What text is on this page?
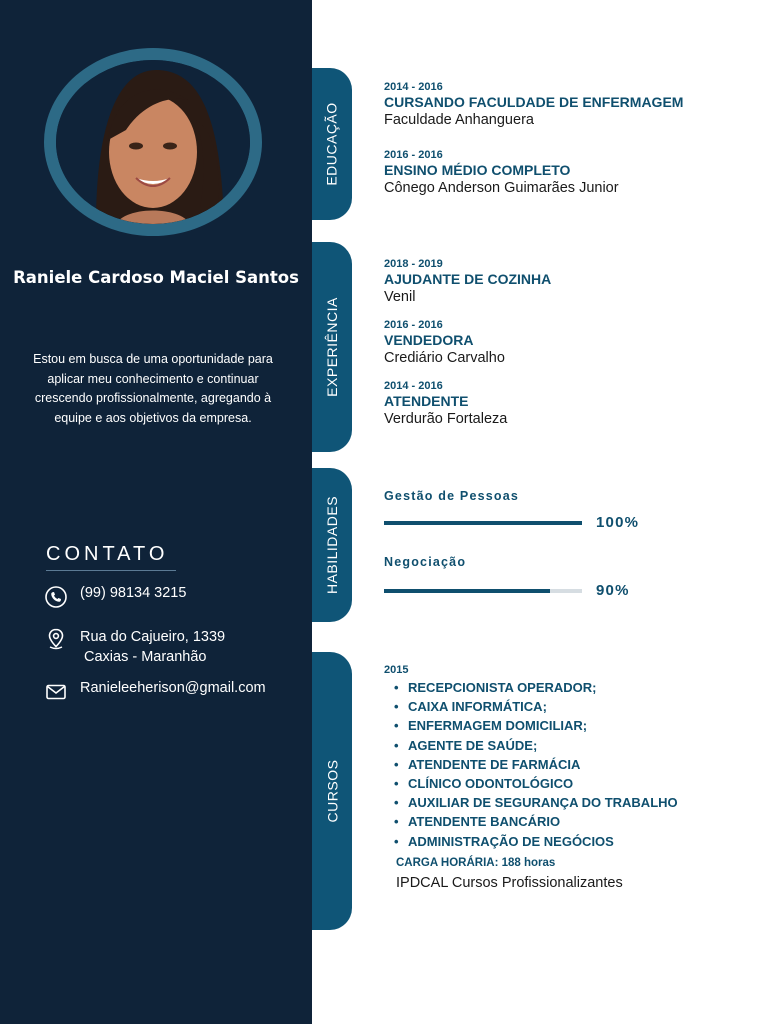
Raniele Cardoso Maciel Santos
Estou em busca de uma oportunidade para aplicar meu conhecimento e continuar crescendo profissionalmente, agregando à equipe e aos objetivos da empresa.
CONTATO
(99) 98134 3215
Rua do Cajueiro, 1339
Caxias - Maranhão
Ranieleeherison@gmail.com
EDUCAÇÃO
EXPERIÊNCIA
HABILIDADES
CURSOS
2014 - 2016
CURSANDO FACULDADE DE ENFERMAGEM
Faculdade Anhanguera
2016 - 2016
ENSINO MÉDIO COMPLETO
Cônego Anderson Guimarães Junior
2018 - 2019
AJUDANTE DE COZINHA
Venil
2016 - 2016
VENDEDORA
Crediário Carvalho
2014 - 2016
ATENDENTE
Verdurão Fortaleza
Gestão de Pessoas
100%
Negociação
90%
2015
• RECEPCIONISTA OPERADOR;
• CAIXA INFORMÁTICA;
• ENFERMAGEM DOMICILIAR;
• AGENTE DE SAÚDE;
• ATENDENTE DE FARMÁCIA
• CLÍNICO ODONTOLÓGICO
• AUXILIAR DE SEGURANÇA DO TRABALHO
• ATENDENTE BANCÁRIO
• ADMINISTRAÇÃO DE NEGÓCIOS
CARGA HORÁRIA: 188 horas
IPDCAL Cursos Profissionalizantes
